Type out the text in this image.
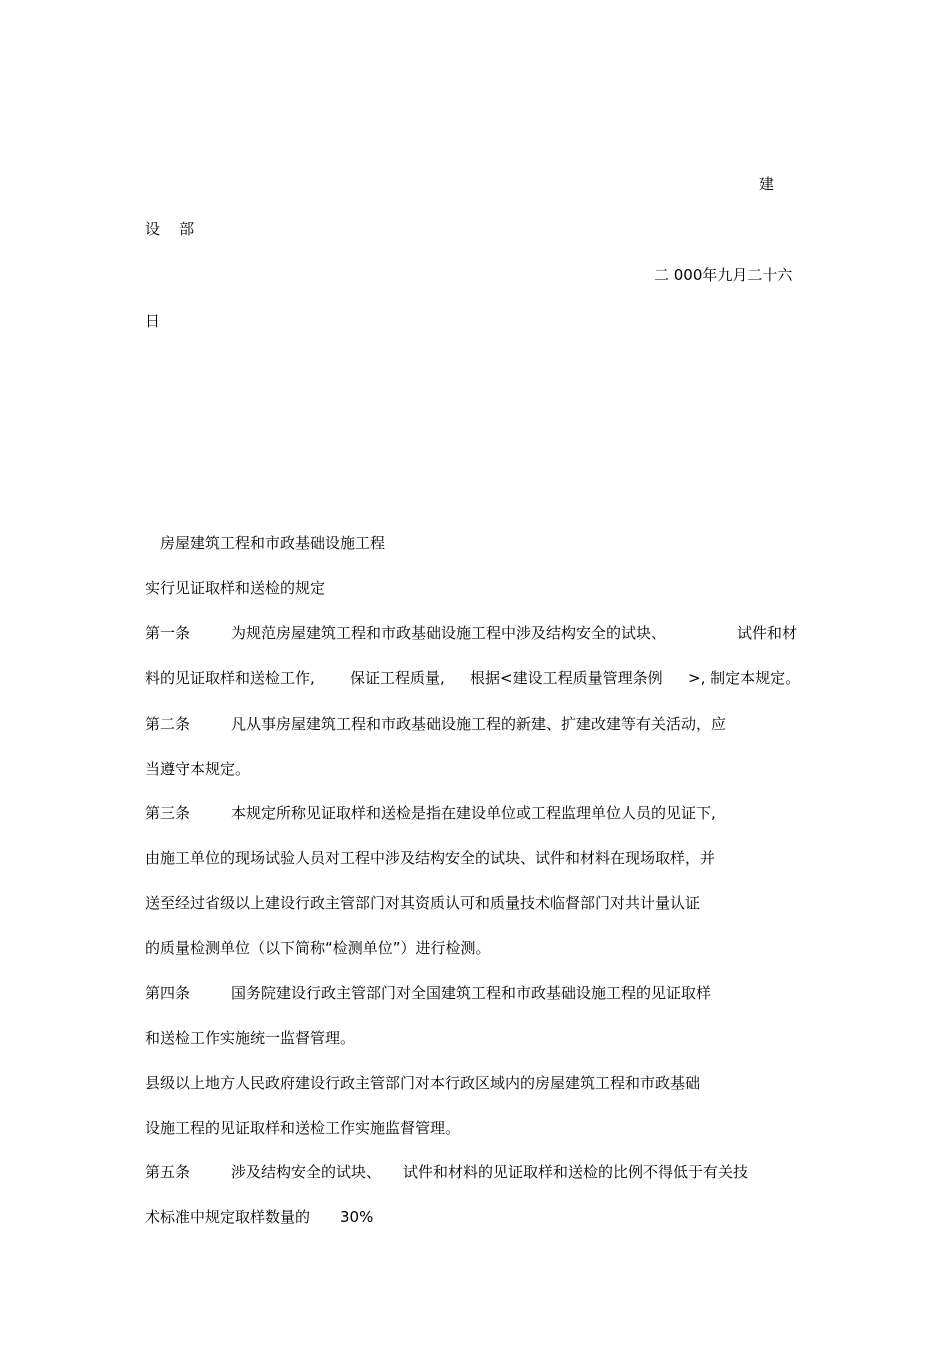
建
设    部
二 000年九月二十六
日
房屋建筑工程和市政基础设施工程
实行见证取样和送检的规定
第一条	为规范房屋建筑工程和市政基础设施工程中涉及结构安全的试块、	试件和材
料的见证取样和送检工作, 保证工程质量, 根据<建设工程质量管理条例 >, 制定本规定。
第二条	凡从事房屋建筑工程和市政基础设施工程的新建、扩建改建等有关活动，应
当遵守本规定。
第三条	本规定所称见证取样和送检是指在建设单位或工程监理单位人员的见证下,
由施工单位的现场试验人员对工程中涉及结构安全的试块、试件和材料在现场取样，并
送至经过省级以上建设行政主管部门对其资质认可和质量技术临督部门对共计量认证
的质量检测单位（以下简称“检测单位”）进行检测。
第四条	国务院建设行政主管部门对全国建筑工程和市政基础设施工程的见证取样
和送检工作实施统一监督管理。
县级以上地方人民政府建设行政主管部门对本行政区域内的房屋建筑工程和市政基础
设施工程的见证取样和送检工作实施监督管理。
第五条	涉及结构安全的试块、 试件和材料的见证取样和送检的比例不得低于有关技
术标准中规定取样数量的 30%
